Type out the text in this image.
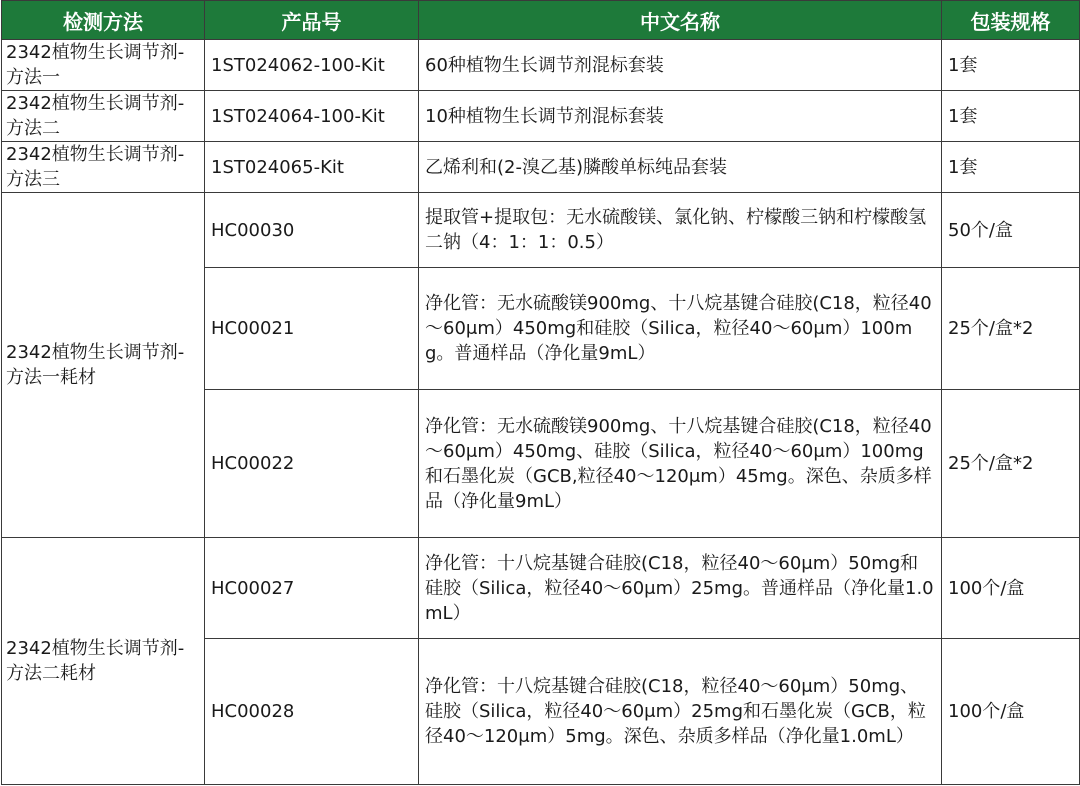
检测方法	产品号	中文名称	包装规格
2342植物生长调节剂-方法一	1ST024062-100-Kit	60种植物生长调节剂混标套装	1套
2342植物生长调节剂-方法二	1ST024064-100-Kit	10种植物生长调节剂混标套装	1套
2342植物生长调节剂-方法三	1ST024065-Kit	乙烯利和(2-溴乙基)膦酸单标纯品套装	1套
2342植物生长调节剂-方法一耗材	HC00030	提取管+提取包：无水硫酸镁、氯化钠、柠檬酸三钠和柠檬酸氢二钠（4：1：1：0.5）	50个/盒
	HC00021	净化管：无水硫酸镁900mg、十八烷基键合硅胶(C18，粒径40～60μm）450mg和硅胶（Silica，粒径40～60μm）100mg。普通样品（净化量9mL）	25个/盒*2
	HC00022	净化管：无水硫酸镁900mg、十八烷基键合硅胶(C18，粒径40～60μm）450mg、硅胶（Silica，粒径40～60μm）100mg和石墨化炭（GCB,粒径40～120μm）45mg。深色、杂质多样品（净化量9mL）	25个/盒*2
2342植物生长调节剂-方法二耗材	HC00027	净化管：十八烷基键合硅胶(C18，粒径40～60μm）50mg和硅胶（Silica，粒径40～60μm）25mg。普通样品（净化量1.0mL）	100个/盒
	HC00028	净化管：十八烷基键合硅胶(C18，粒径40～60μm）50mg、硅胶（Silica，粒径40～60μm）25mg和石墨化炭（GCB，粒径40～120μm）5mg。深色、杂质多样品（净化量1.0mL）	100个/盒
